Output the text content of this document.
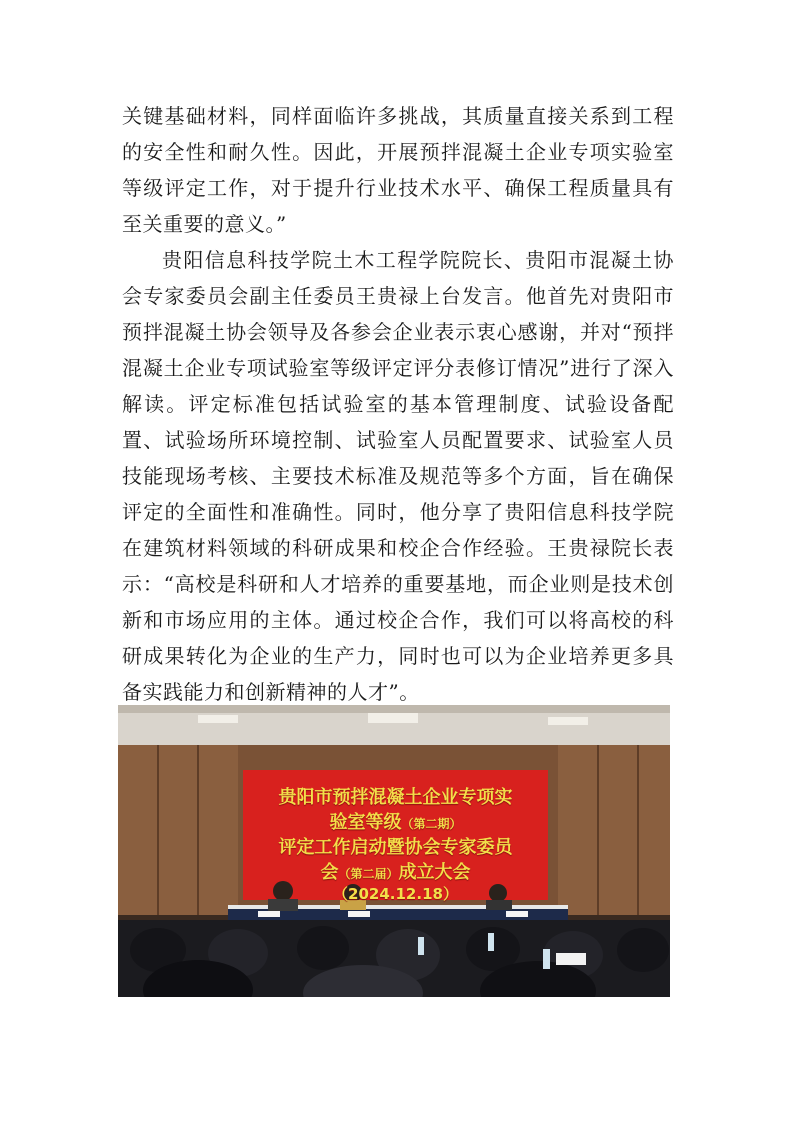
关键基础材料，同样面临许多挑战，其质量直接关系到工程的安全性和耐久性。因此，开展预拌混凝土企业专项实验室等级评定工作，对于提升行业技术水平、确保工程质量具有至关重要的意义。”

贵阳信息科技学院土木工程学院院长、贵阳市混凝土协会专家委员会副主任委员王贵禄上台发言。他首先对贵阳市预拌混凝土协会领导及各参会企业表示衷心感谢，并对“预拌混凝土企业专项试验室等级评定评分表修订情况”进行了深入解读。评定标准包括试验室的基本管理制度、试验设备配置、试验场所环境控制、试验室人员配置要求、试验室人员技能现场考核、主要技术标准及规范等多个方面，旨在确保评定的全面性和准确性。同时，他分享了贵阳信息科技学院在建筑材料领域的科研成果和校企合作经验。王贵禄院长表示：“高校是科研和人才培养的重要基地，而企业则是技术创新和市场应用的主体。通过校企合作，我们可以将高校的科研成果转化为企业的生产力，同时也可以为企业培养更多具备实践能力和创新精神的人才”。

贵阳市预拌混凝土企业专项实
验室等级（第二期）
评定工作启动暨协会专家委员
会（第二届）成立大会
（2024.12.18）
